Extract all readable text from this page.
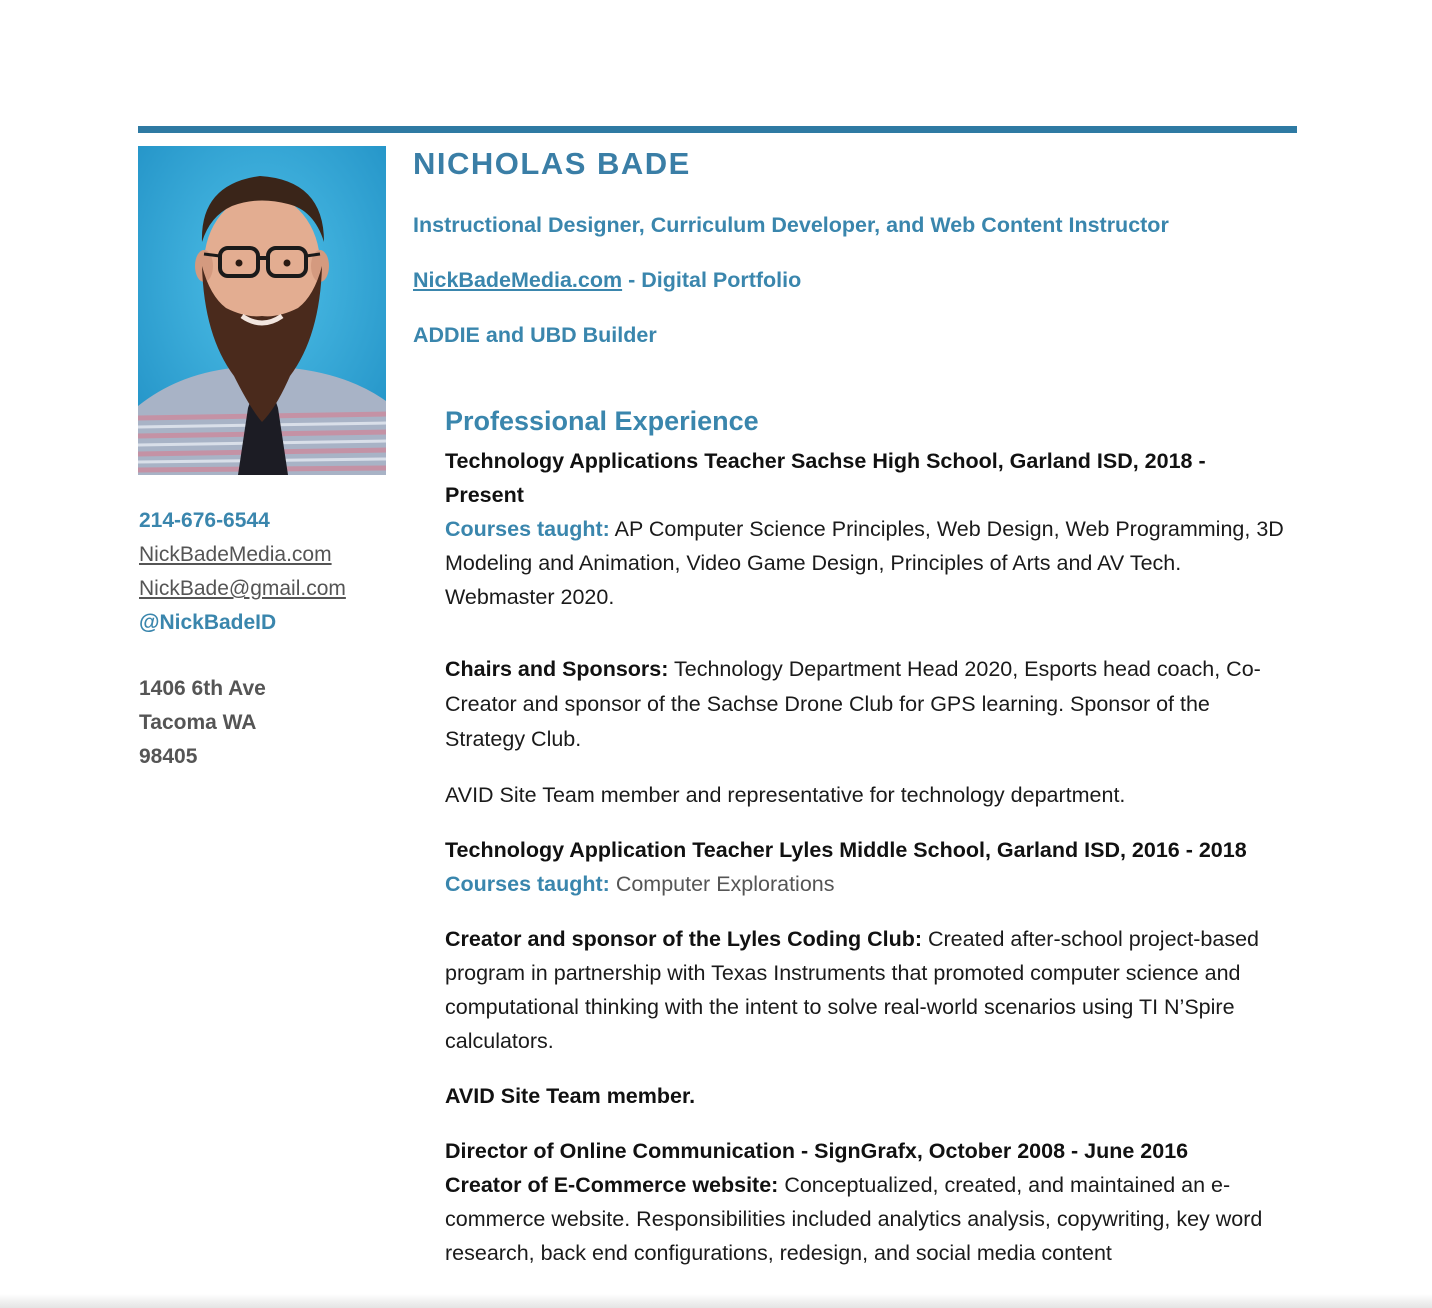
214-676-6544
NickBadeMedia.com
NickBade@gmail.com
@NickBadeID
1406 6th Ave
Tacoma WA
98405
NICHOLAS BADE
Instructional Designer, Curriculum Developer, and Web Content Instructor
NickBadeMedia.com - Digital Portfolio
ADDIE and UBD Builder
Professional Experience

Technology Applications Teacher Sachse High School, Garland ISD, 2018 - Present

Courses taught: AP Computer Science Principles, Web Design, Web Programming, 3D Modeling and Animation, Video Game Design, Principles of Arts and AV Tech. Webmaster 2020.

Chairs and Sponsors: Technology Department Head 2020, Esports head coach, Co-Creator and sponsor of the Sachse Drone Club for GPS learning. Sponsor of the Strategy Club.

AVID Site Team member and representative for technology department.

Technology Application Teacher Lyles Middle School, Garland ISD, 2016 - 2018

Courses taught: Computer Explorations

Creator and sponsor of the Lyles Coding Club: Created after-school project-based program in partnership with Texas Instruments that promoted computer science and computational thinking with the intent to solve real-world scenarios using TI N’Spire calculators.

AVID Site Team member.

Director of Online Communication - SignGrafx, October 2008 - June 2016

Creator of E-Commerce website: Conceptualized, created, and maintained an e-commerce website. Responsibilities included analytics analysis, copywriting, key word research, back end configurations, redesign, and social media content
